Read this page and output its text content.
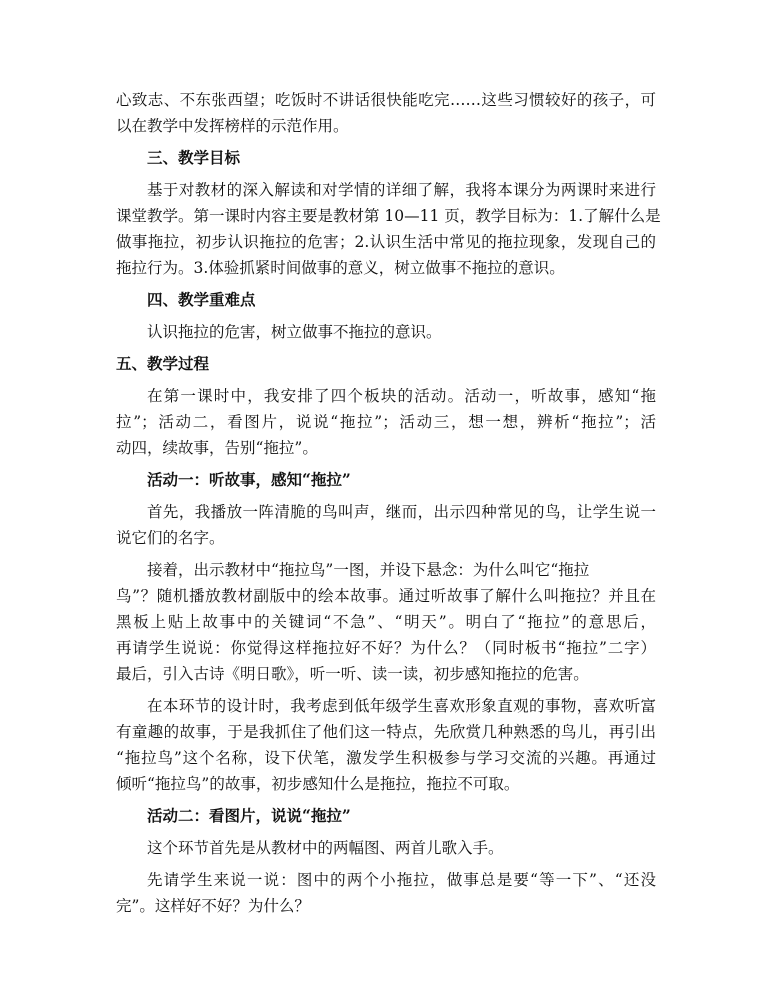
心致志、不东张西望；吃饭时不讲话很快能吃完……这些习惯较好的孩子，可
以在教学中发挥榜样的示范作用。
三、教学目标
基于对教材的深入解读和对学情的详细了解，我将本课分为两课时来进行
课堂教学。第一课时内容主要是教材第 10—11 页，教学目标为：1.了解什么是
做事拖拉，初步认识拖拉的危害；2.认识生活中常见的拖拉现象，发现自己的
拖拉行为。3.体验抓紧时间做事的意义，树立做事不拖拉的意识。
四、教学重难点
认识拖拉的危害，树立做事不拖拉的意识。
五、教学过程
在第一课时中，我安排了四个板块的活动。活动一，听故事，感知“拖
拉”；活动二，看图片，说说“拖拉”；活动三，想一想，辨析“拖拉”；活
动四，续故事，告别“拖拉”。
活动一：听故事，感知“拖拉”
首先，我播放一阵清脆的鸟叫声，继而，出示四种常见的鸟，让学生说一
说它们的名字。
接着，出示教材中“拖拉鸟”一图，并设下悬念：为什么叫它“拖拉
鸟”？随机播放教材副版中的绘本故事。通过听故事了解什么叫拖拉？并且在
黑板上贴上故事中的关键词“不急”、“明天”。明白了“拖拉”的意思后，
再请学生说说：你觉得这样拖拉好不好？为什么？（同时板书“拖拉”二字）
最后，引入古诗《明日歌》，听一听、读一读，初步感知拖拉的危害。
在本环节的设计时，我考虑到低年级学生喜欢形象直观的事物，喜欢听富
有童趣的故事，于是我抓住了他们这一特点，先欣赏几种熟悉的鸟儿，再引出
“拖拉鸟”这个名称，设下伏笔，激发学生积极参与学习交流的兴趣。再通过
倾听“拖拉鸟”的故事，初步感知什么是拖拉，拖拉不可取。
活动二：看图片，说说“拖拉”
这个环节首先是从教材中的两幅图、两首儿歌入手。
先请学生来说一说：图中的两个小拖拉，做事总是要“等一下”、“还没
完”。这样好不好？为什么？
